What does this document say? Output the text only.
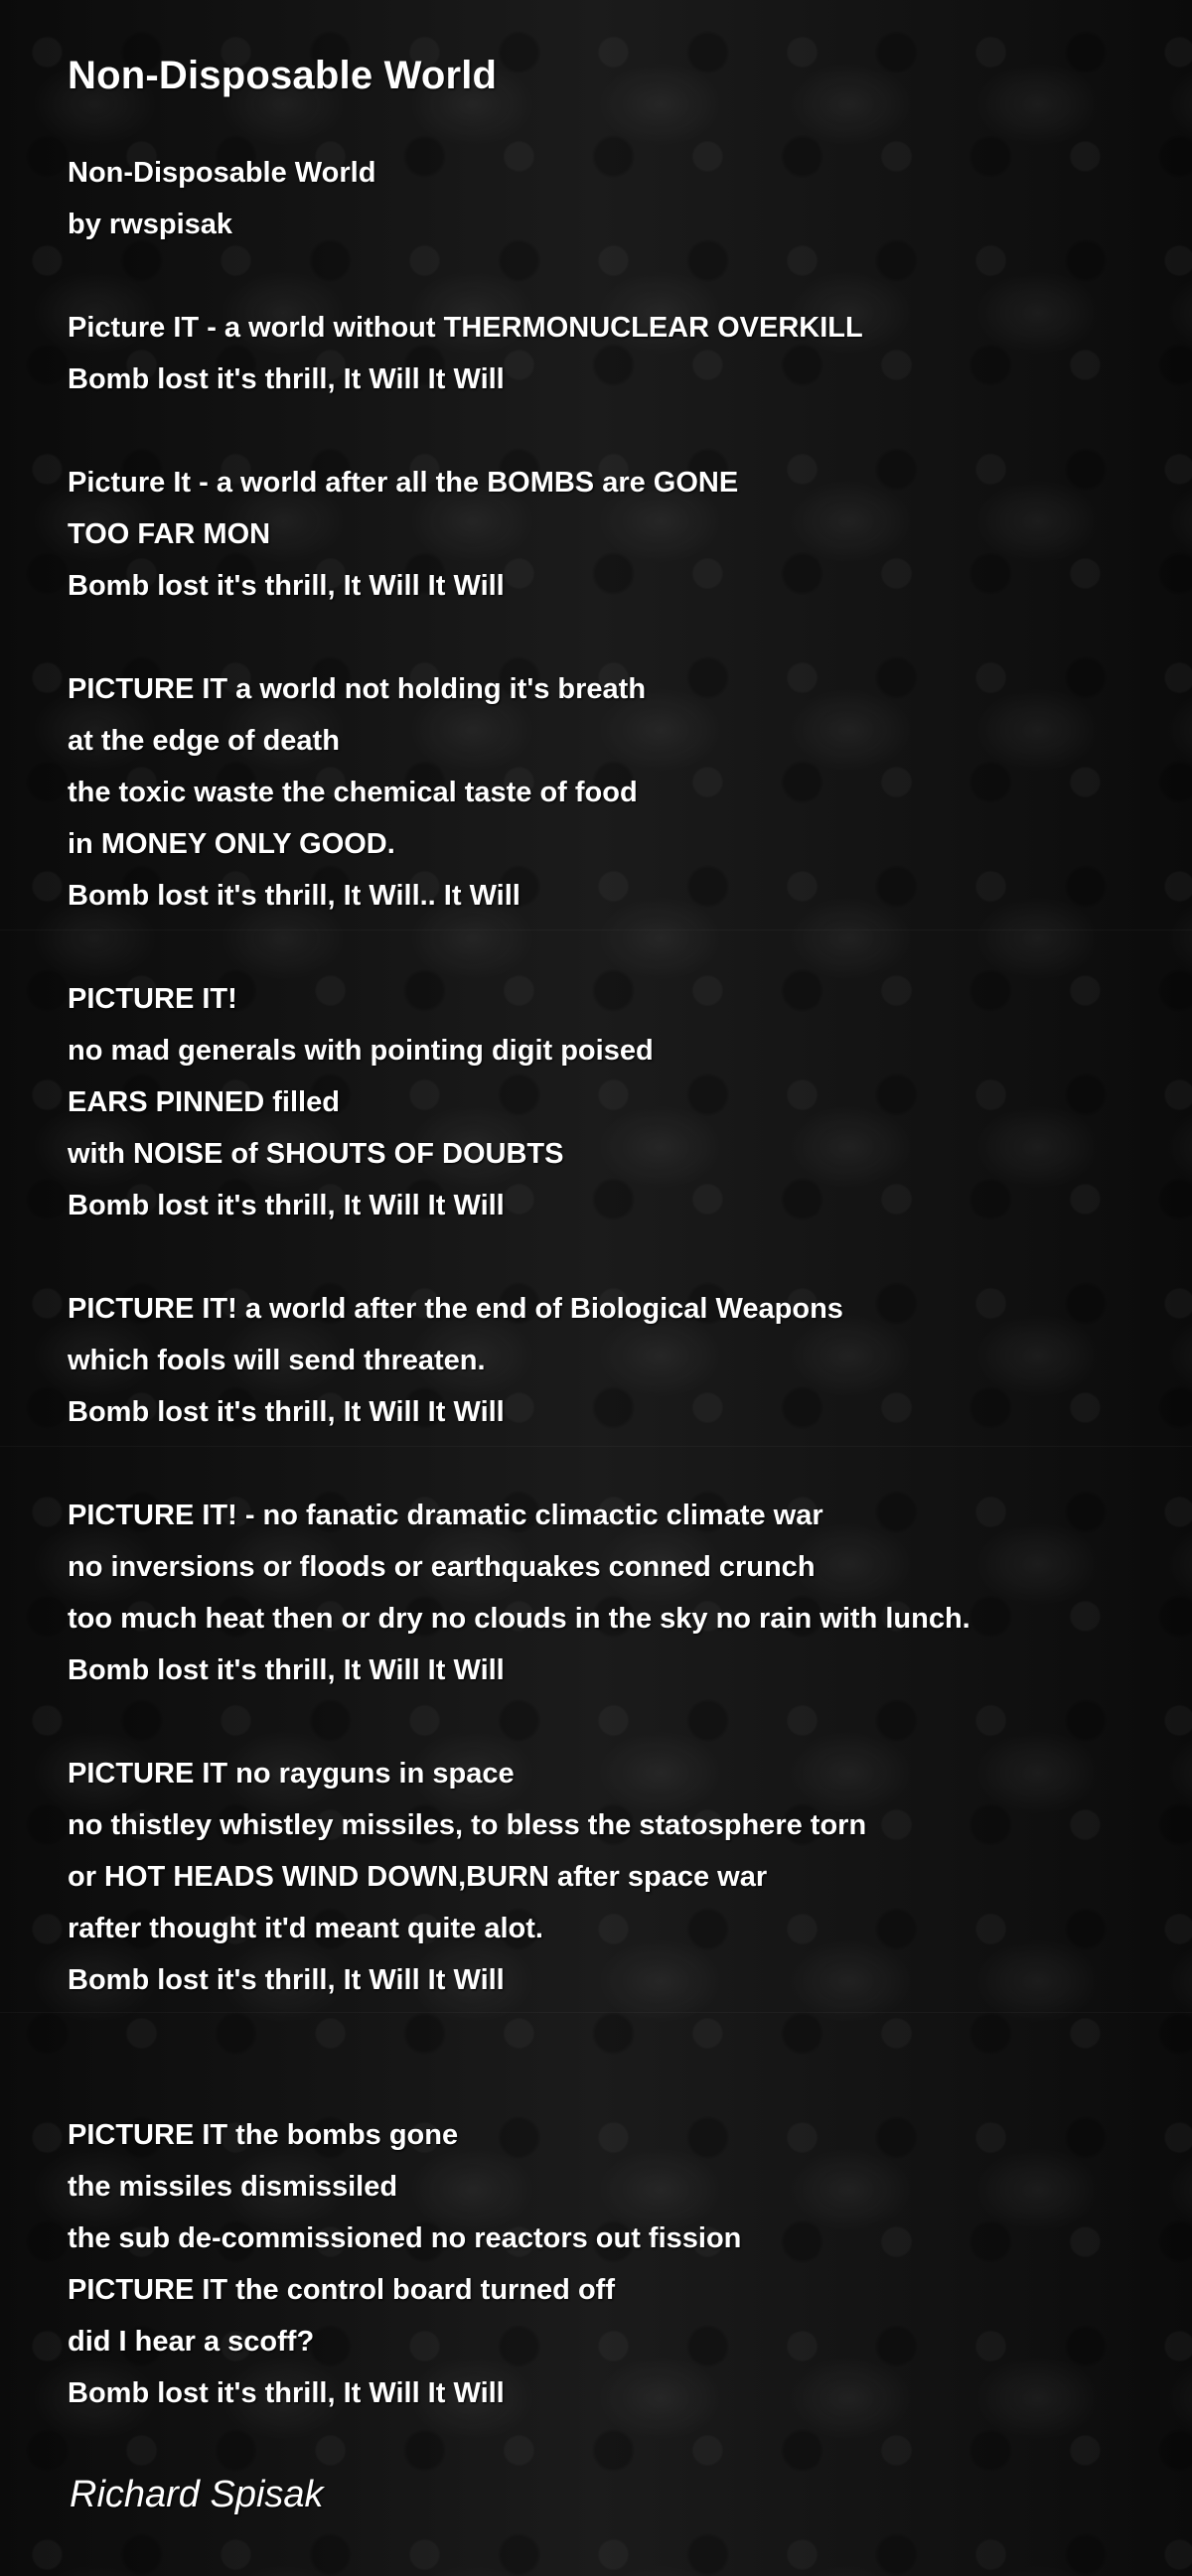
Non-Disposable World
Non-Disposable World
by rwspisak
Picture IT - a world without THERMONUCLEAR OVERKILL
Bomb lost it's thrill, It Will It Will
Picture It - a world after all the BOMBS are GONE
TOO FAR MON
Bomb lost it's thrill, It Will It Will
PICTURE IT a world not holding it's breath
at the edge of death
the toxic waste the chemical taste of food
in MONEY ONLY GOOD.
Bomb lost it's thrill, It Will.. It Will
PICTURE IT!
no mad generals with pointing digit poised
EARS PINNED filled
with NOISE of SHOUTS OF DOUBTS
Bomb lost it's thrill, It Will It Will
PICTURE IT! a world after the end of Biological Weapons
which fools will send threaten.
Bomb lost it's thrill, It Will It Will
PICTURE IT! - no fanatic dramatic climactic climate war
no inversions or floods or earthquakes conned crunch
too much heat then or dry no clouds in the sky no rain with lunch.
Bomb lost it's thrill, It Will It Will
PICTURE IT no rayguns in space
no thistley whistley missiles, to bless the statosphere torn
or HOT HEADS WIND DOWN,BURN after space war
rafter thought it'd meant quite alot.
Bomb lost it's thrill, It Will It Will
PICTURE IT the bombs gone
the missiles dismissiled
the sub de-commissioned no reactors out fission
PICTURE IT the control board turned off
did I hear a scoff?
Bomb lost it's thrill, It Will It Will
Richard Spisak
